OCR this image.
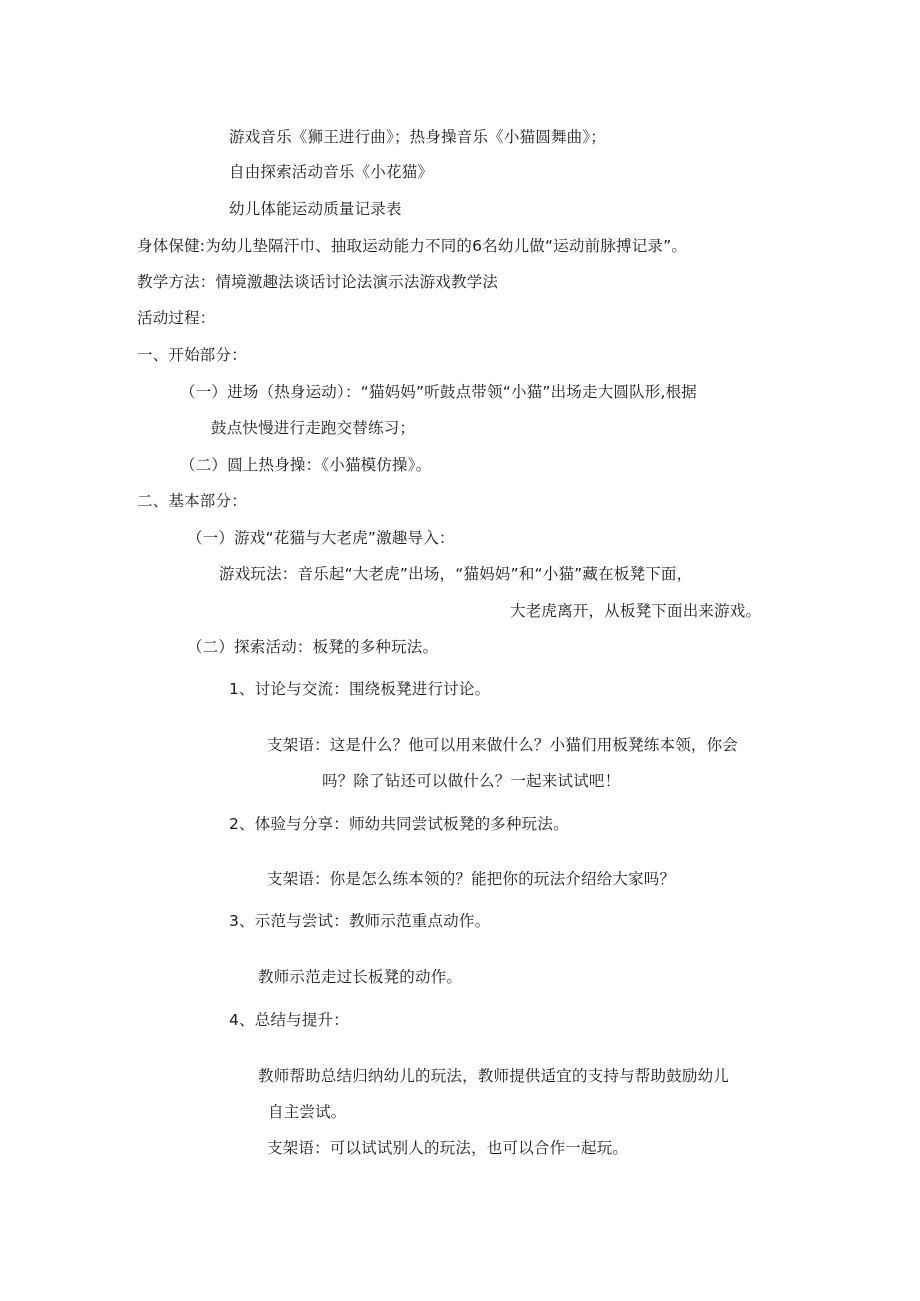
游戏音乐《狮王进行曲》；热身操音乐《小猫圆舞曲》；
自由探索活动音乐《小花猫》
幼儿体能运动质量记录表
身体保健:为幼儿垫隔汗巾、抽取运动能力不同的6名幼儿做“运动前脉搏记录”。
教学方法：情境激趣法谈话讨论法演示法游戏教学法
活动过程：
一、开始部分：
（一）进场（热身运动）：“猫妈妈”听鼓点带领“小猫”出场走大圆队形,根据
鼓点快慢进行走跑交替练习；
（二）圆上热身操：《小猫模仿操》。
二、基本部分：
（一）游戏“花猫与大老虎”激趣导入：
游戏玩法：音乐起“大老虎”出场，“猫妈妈”和“小猫”藏在板凳下面，
大老虎离开，从板凳下面出来游戏。
（二）探索活动：板凳的多种玩法。
1、讨论与交流：围绕板凳进行讨论。
支架语：这是什么？他可以用来做什么？小猫们用板凳练本领，你会
吗？除了钻还可以做什么？一起来试试吧！
2、体验与分享：师幼共同尝试板凳的多种玩法。
支架语：你是怎么练本领的？能把你的玩法介绍给大家吗？
3、示范与尝试：教师示范重点动作。
教师示范走过长板凳的动作。
4、总结与提升：
教师帮助总结归纳幼儿的玩法，教师提供适宜的支持与帮助鼓励幼儿
自主尝试。
支架语：可以试试别人的玩法，也可以合作一起玩。
